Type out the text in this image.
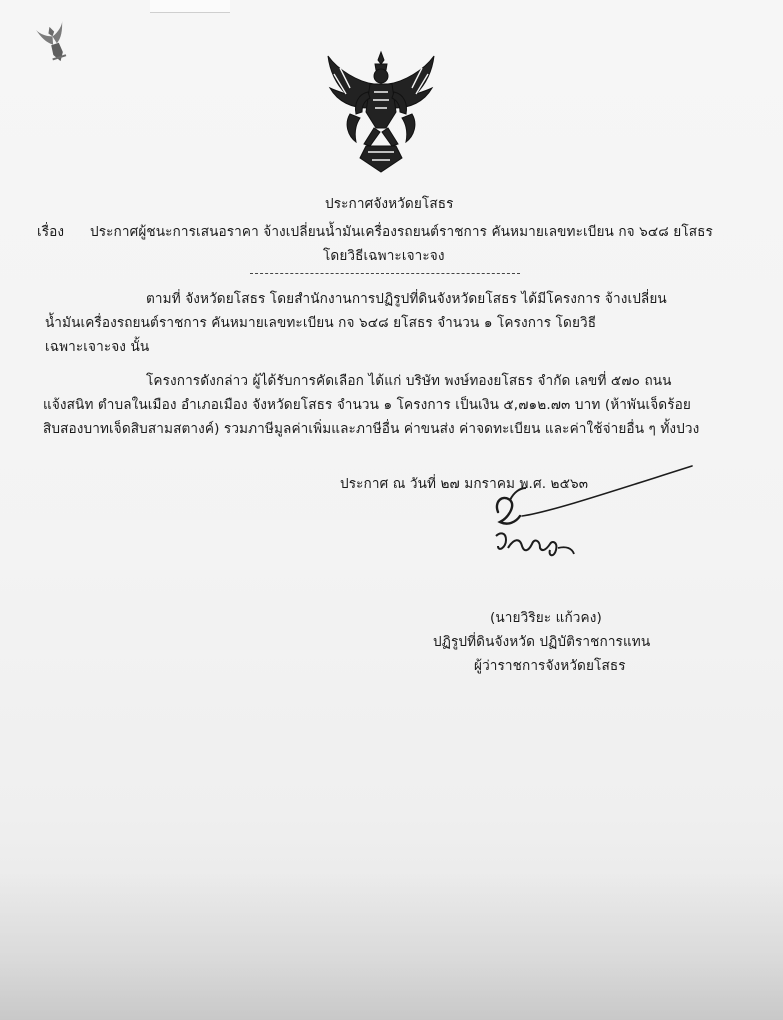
ประกาศจังหวัดยโสธร
เรื่อง ประกาศผู้ชนะการเสนอราคา จ้างเปลี่ยนน้ำมันเครื่องรถยนต์ราชการ คันหมายเลขทะเบียน กจ ๖๔๘ ยโสธร
โดยวิธีเฉพาะเจาะจง
ตามที่ จังหวัดยโสธร โดยสำนักงานการปฏิรูปที่ดินจังหวัดยโสธร ได้มีโครงการ จ้างเปลี่ยน
น้ำมันเครื่องรถยนต์ราชการ คันหมายเลขทะเบียน กจ ๖๔๘ ยโสธร จำนวน ๑ โครงการ โดยวิธี
เฉพาะเจาะจง นั้น
โครงการดังกล่าว ผู้ได้รับการคัดเลือก ได้แก่ บริษัท พงษ์ทองยโสธร จำกัด เลขที่ ๕๗๐ ถนน
แจ้งสนิท ตำบลในเมือง อำเภอเมือง จังหวัดยโสธร จำนวน ๑ โครงการ เป็นเงิน ๕,๗๑๒.๗๓ บาท (ห้าพันเจ็ดร้อย
สิบสองบาทเจ็ดสิบสามสตางค์) รวมภาษีมูลค่าเพิ่มและภาษีอื่น ค่าขนส่ง ค่าจดทะเบียน และค่าใช้จ่ายอื่น ๆ ทั้งปวง
ประกาศ ณ วันที่ ๒๗ มกราคม พ.ศ. ๒๕๖๓
(นายวิริยะ แก้วคง)
ปฏิรูปที่ดินจังหวัด ปฏิบัติราชการแทน
ผู้ว่าราชการจังหวัดยโสธร
